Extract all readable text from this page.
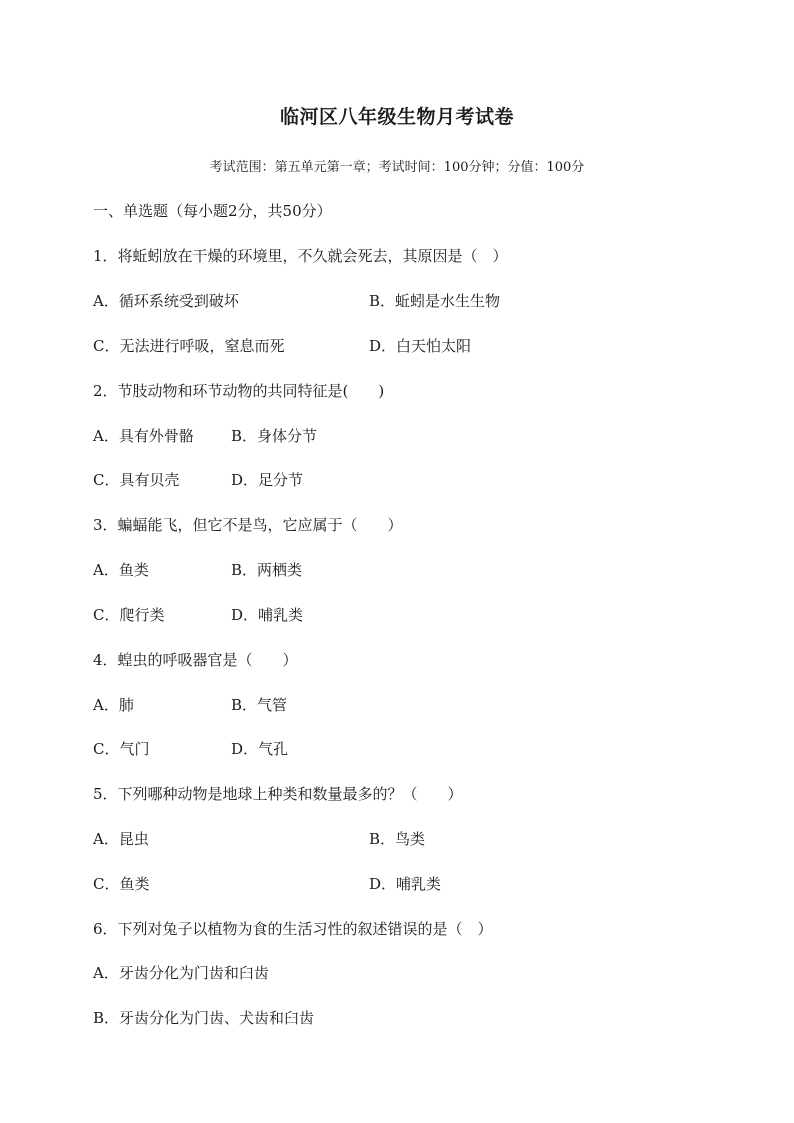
临河区八年级生物月考试卷
考试范围：第五单元第一章；考试时间：100分钟；分值：100分
一、单选题（每小题2分，共50分）
1．将蚯蚓放在干燥的环境里，不久就会死去，其原因是（　）
A．循环系统受到破坏	B．蚯蚓是水生生物
C．无法进行呼吸，窒息而死	D．白天怕太阳
2．节肢动物和环节动物的共同特征是(　　)
A．具有外骨骼 B．身体分节
C．具有贝壳	D．足分节
3．蝙蝠能飞，但它不是鸟，它应属于（　　）
A．鱼类	B．两栖类
C．爬行类	D．哺乳类
4．蝗虫的呼吸器官是（　　）
A．肺	B．气管
C．气门	D．气孔
5．下列哪种动物是地球上种类和数量最多的？（　　）
A．昆虫	B．鸟类
C．鱼类	D．哺乳类
6．下列对兔子以植物为食的生活习性的叙述错误的是（　）
A．牙齿分化为门齿和臼齿
B．牙齿分化为门齿、犬齿和臼齿
